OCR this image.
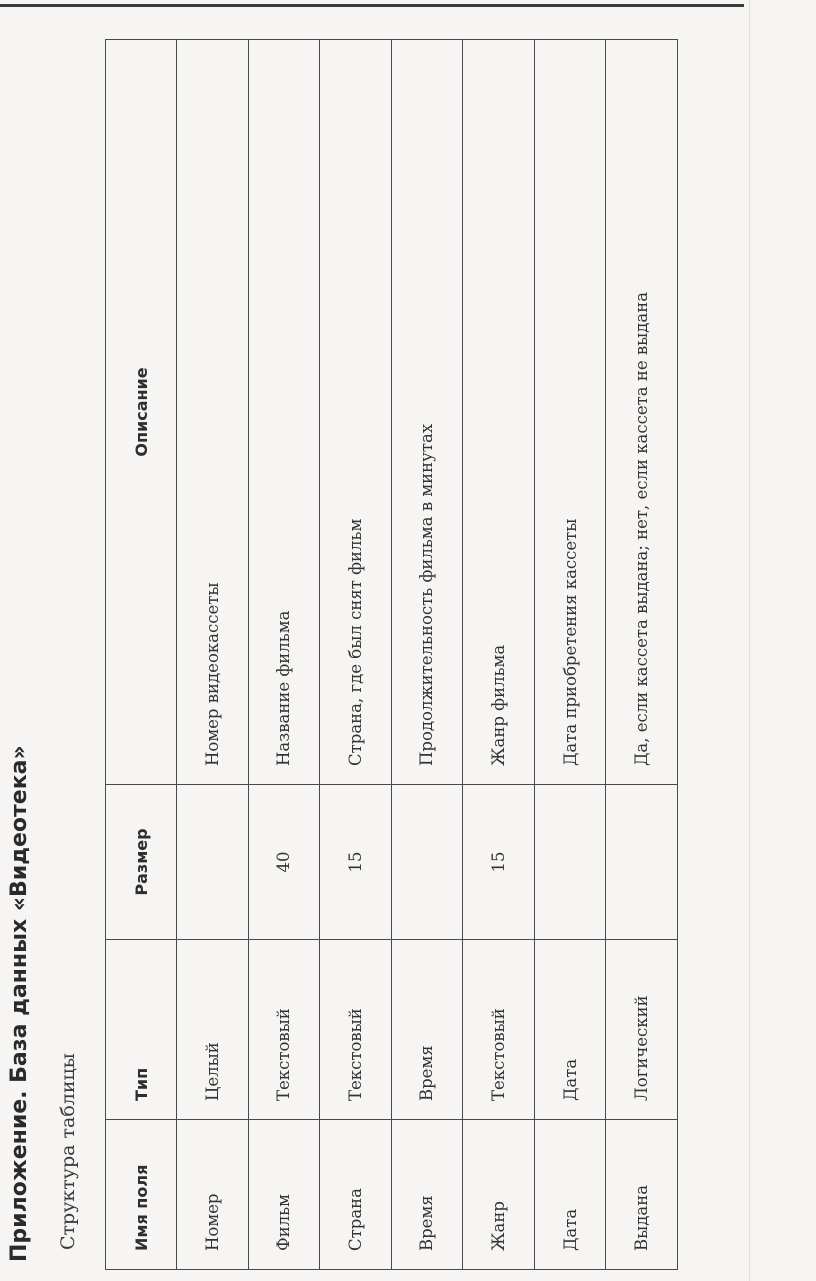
Приложение. База данных «Видеотека» Структура таблицы	Имя поля	Тип	Размер	Описание
Номер	Целый		Номер видеокассеты
Фильм	Текстовый	40	Название фильма
Страна	Текстовый	15	Страна, где был снят фильм
Время	Время		Продолжительность фильма в минутах
Жанр	Текстовый	15	Жанр фильма
Дата	Дата		Дата приобретения кассеты
Выдана	Логический		Да, если кассета выдана; нет, если кассета не выдана
